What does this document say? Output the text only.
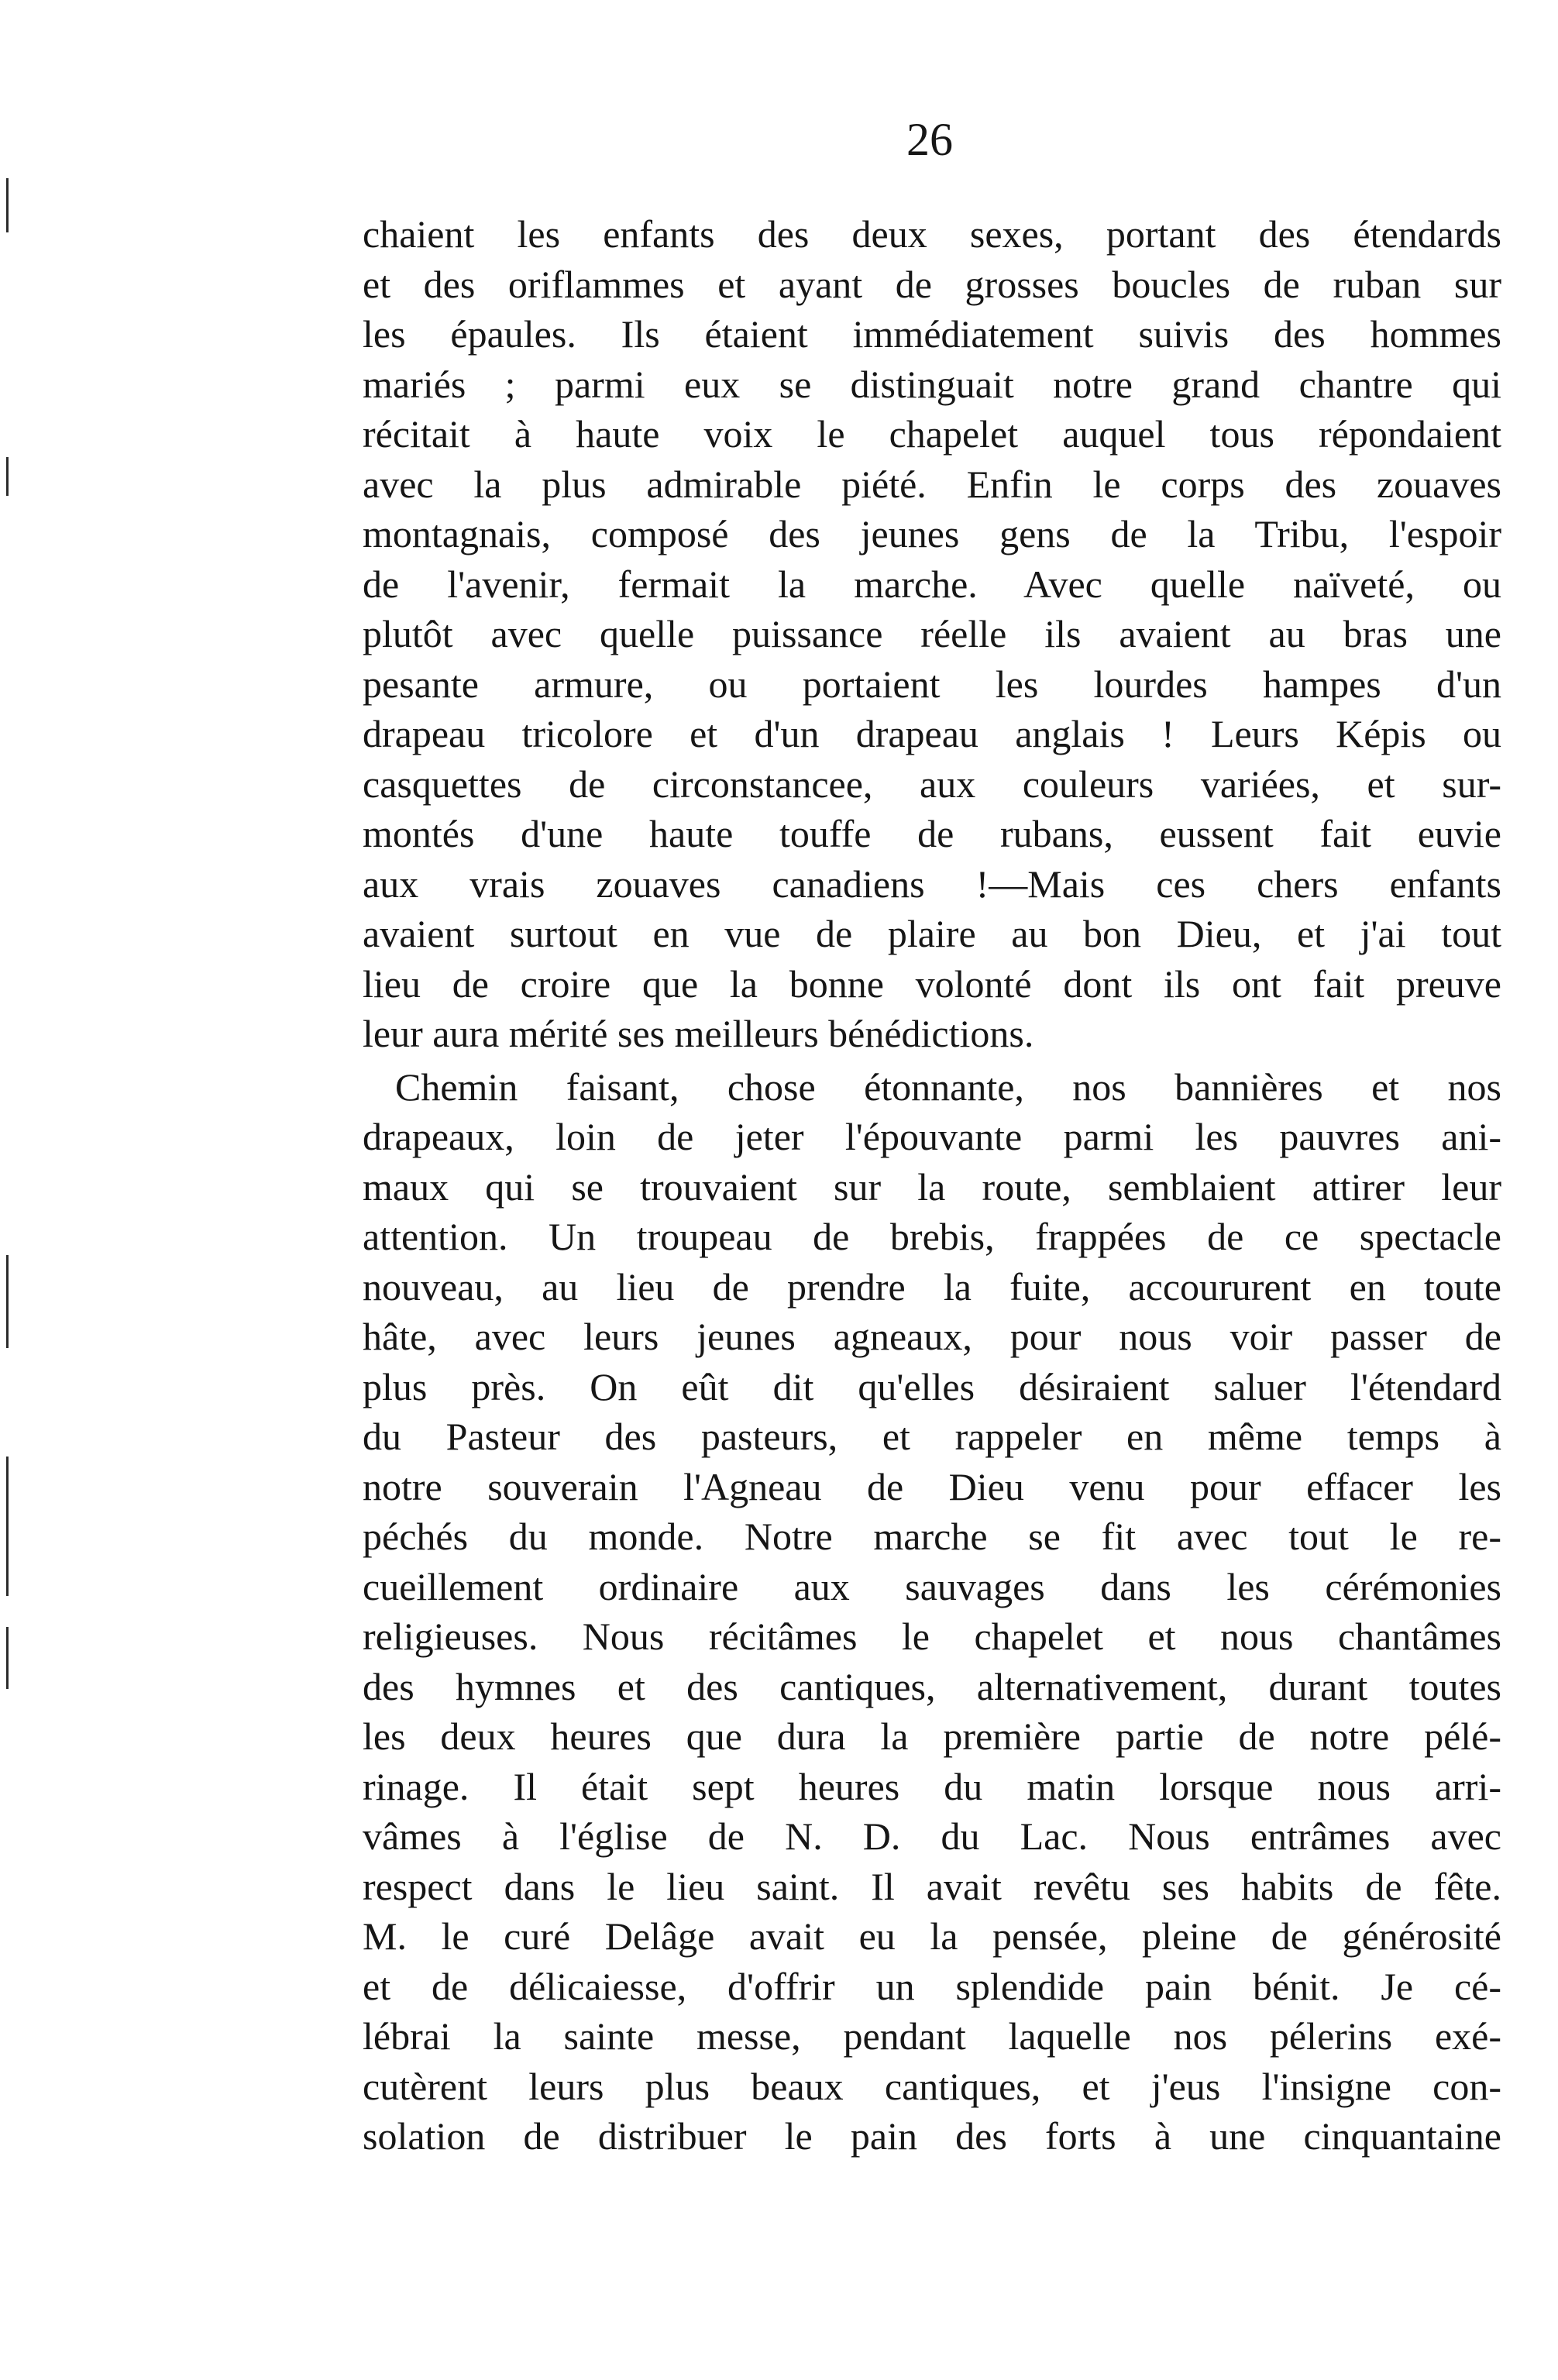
26
chaient les enfants des deux sexes, portant des étendards
et des oriflammes et ayant de grosses boucles de ruban sur
les épaules. Ils étaient immédiatement suivis des hommes
mariés ; parmi eux se distinguait notre grand chantre qui
récitait à haute voix le chapelet auquel tous répondaient
avec la plus admirable piété. Enfin le corps des zouaves
montagnais, composé des jeunes gens de la Tribu, l'espoir
de l'avenir, fermait la marche. Avec quelle naïveté, ou
plutôt avec quelle puissance réelle ils avaient au bras une
pesante armure, ou portaient les lourdes hampes d'un
drapeau tricolore et d'un drapeau anglais ! Leurs Képis ou
casquettes de circonstancee, aux couleurs variées, et sur-
montés d'une haute touffe de rubans, eussent fait euvie
aux vrais zouaves canadiens !—Mais ces chers enfants
avaient surtout en vue de plaire au bon Dieu, et j'ai tout
lieu de croire que la bonne volonté dont ils ont fait preuve
leur aura mérité ses meilleurs bénédictions.
Chemin faisant, chose étonnante, nos bannières et nos
drapeaux, loin de jeter l'épouvante parmi les pauvres ani-
maux qui se trouvaient sur la route, semblaient attirer leur
attention. Un troupeau de brebis, frappées de ce spectacle
nouveau, au lieu de prendre la fuite, accoururent en toute
hâte, avec leurs jeunes agneaux, pour nous voir passer de
plus près. On eût dit qu'elles désiraient saluer l'étendard
du Pasteur des pasteurs, et rappeler en même temps à
notre souverain l'Agneau de Dieu venu pour effacer les
péchés du monde. Notre marche se fit avec tout le re-
cueillement ordinaire aux sauvages dans les cérémonies
religieuses. Nous récitâmes le chapelet et nous chantâmes
des hymnes et des cantiques, alternativement, durant toutes
les deux heures que dura la première partie de notre pélé-
rinage. Il était sept heures du matin lorsque nous arri-
vâmes à l'église de N. D. du Lac. Nous entrâmes avec
respect dans le lieu saint. Il avait revêtu ses habits de fête.
M. le curé Delâge avait eu la pensée, pleine de générosité
et de délicaiesse, d'offrir un splendide pain bénit. Je cé-
lébrai la sainte messe, pendant laquelle nos pélerins exé-
cutèrent leurs plus beaux cantiques, et j'eus l'insigne con-
solation de distribuer le pain des forts à une cinquantaine
